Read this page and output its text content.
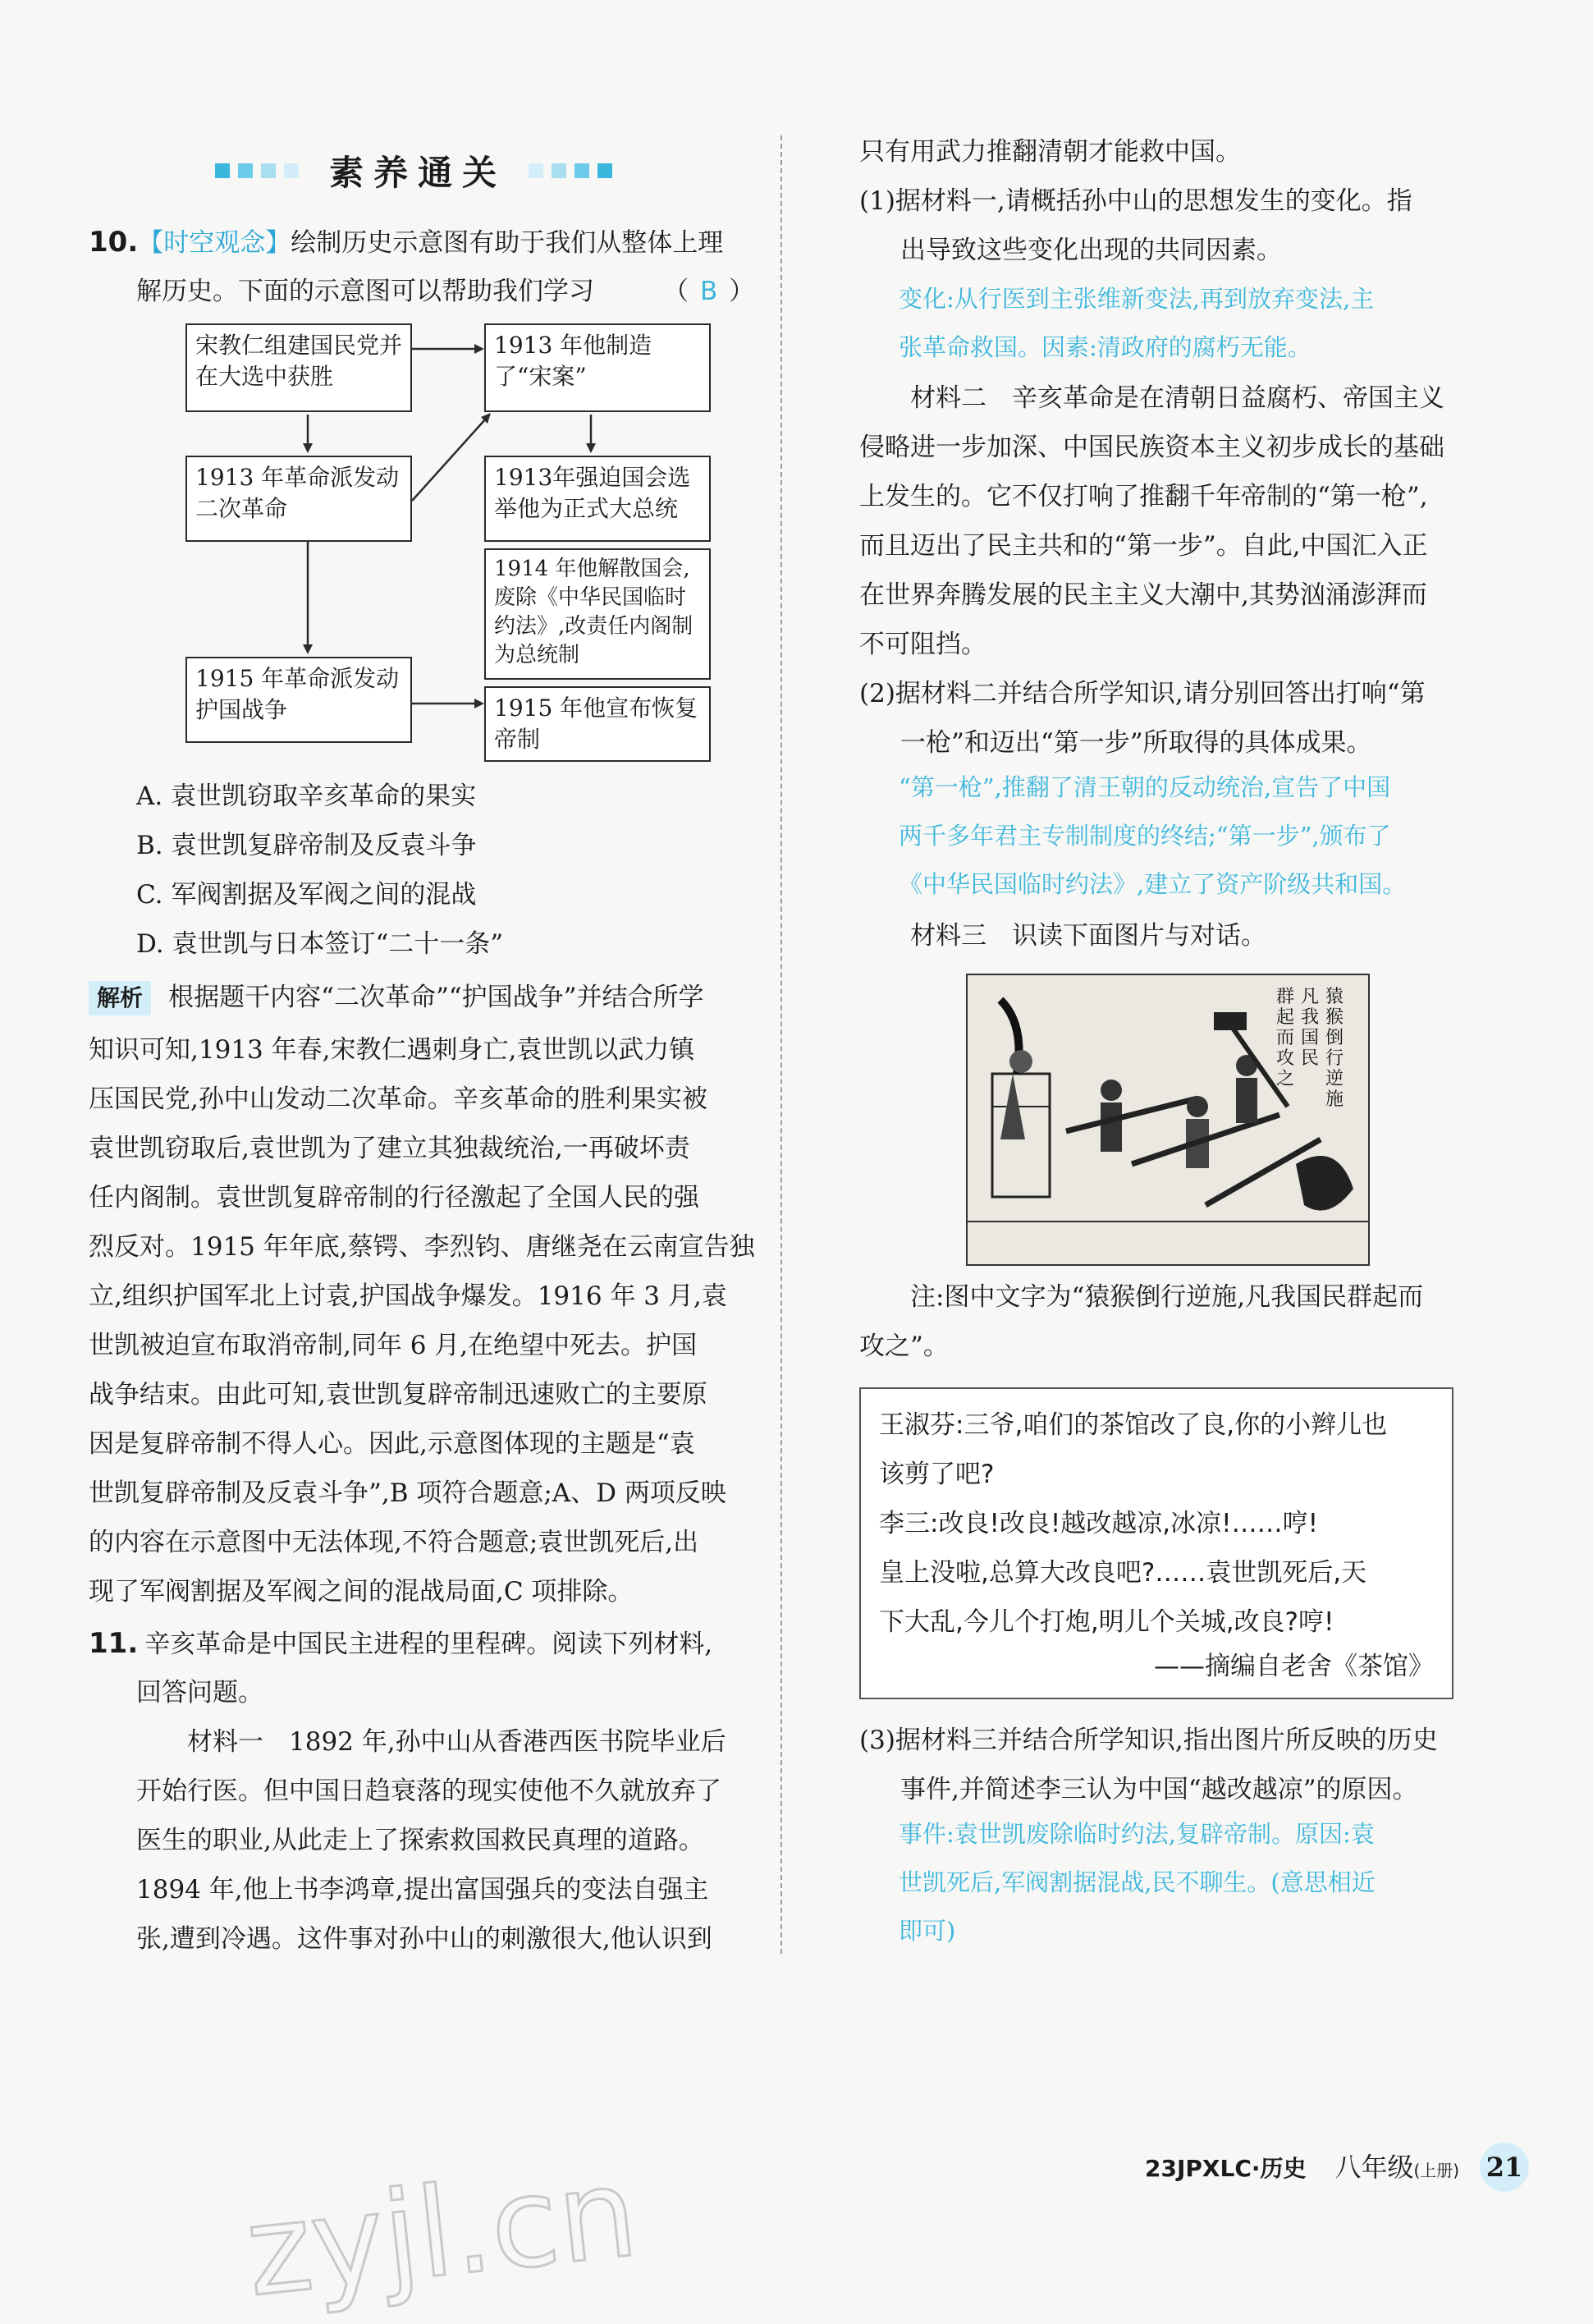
素养通关
10.【时空观念】绘制历史示意图有助于我们从整体上理
解历史。下面的示意图可以帮助我们学习	（ B ）
宋教仁组建国民党并在大选中获胜
1913 年他制造了“宋案”
1913 年革命派发动二次革命
1913年强迫国会选举他为正式大总统
1914 年他解散国会,废除《中华民国临时约法》,改责任内阁制为总统制
1915 年革命派发动护国战争	1915 年他宣布恢复帝制
A. 袁世凯窃取辛亥革命的果实
B. 袁世凯复辟帝制及反袁斗争
C. 军阀割据及军阀之间的混战
D. 袁世凯与日本签订“二十一条”
解析 根据题干内容“二次革命”“护国战争”并结合所学

知识可知,1913 年春,宋教仁遇刺身亡,袁世凯以武力镇

压国民党,孙中山发动二次革命。辛亥革命的胜利果实被

袁世凯窃取后,袁世凯为了建立其独裁统治,一再破坏责

任内阁制。袁世凯复辟帝制的行径激起了全国人民的强

烈反对。1915 年年底,蔡锷、李烈钧、唐继尧在云南宣告独

立,组织护国军北上讨袁,护国战争爆发。1916 年 3 月,袁

世凯被迫宣布取消帝制,同年 6 月,在绝望中死去。护国

战争结束。由此可知,袁世凯复辟帝制迅速败亡的主要原

因是复辟帝制不得人心。因此,示意图体现的主题是“袁

世凯复辟帝制及反袁斗争”,B 项符合题意;A、D 两项反映

的内容在示意图中无法体现,不符合题意;袁世凯死后,出

现了军阀割据及军阀之间的混战局面,C 项排除。

11. 辛亥革命是中国民主进程的里程碑。阅读下列材料,
回答问题。

材料一　1892 年,孙中山从香港西医书院毕业后

开始行医。但中国日趋衰落的现实使他不久就放弃了

医生的职业,从此走上了探索救国救民真理的道路。

1894 年,他上书李鸿章,提出富国强兵的变法自强主

张,遭到冷遇。这件事对孙中山的刺激很大,他认识到

只有用武力推翻清朝才能救中国。

(1)据材料一,请概括孙中山的思想发生的变化。指

出导致这些变化出现的共同因素。

变化:从行医到主张维新变法,再到放弃变法,主

张革命救国。因素:清政府的腐朽无能。

材料二　辛亥革命是在清朝日益腐朽、帝国主义

侵略进一步加深、中国民族资本主义初步成长的基础

上发生的。它不仅打响了推翻千年帝制的“第一枪”,

而且迈出了民主共和的“第一步”。自此,中国汇入正

在世界奔腾发展的民主主义大潮中,其势汹涌澎湃而

不可阻挡。

(2)据材料二并结合所学知识,请分别回答出打响“第

一枪”和迈出“第一步”所取得的具体成果。

“第一枪”,推翻了清王朝的反动统治,宣告了中国

两千多年君主专制制度的终结;“第一步”,颁布了

《中华民国临时约法》,建立了资产阶级共和国。

材料三　识读下面图片与对话。
猿猴倒行逆施
凡我国民
群起而攻之

注:图中文字为“猿猴倒行逆施,凡我国民群起而

攻之”。

王淑芬:三爷,咱们的茶馆改了良,你的小辫儿也

该剪了吧?

李三:改良!改良!越改越凉,冰凉!……哼!

皇上没啦,总算大改良吧?……袁世凯死后,天

下大乱,今儿个打炮,明儿个关城,改良?哼!

——摘编自老舍《茶馆》

(3)据材料三并结合所学知识,指出图片所反映的历史

事件,并简述李三认为中国“越改越凉”的原因。

事件:袁世凯废除临时约法,复辟帝制。原因:袁

世凯死后,军阀割据混战,民不聊生。(意思相近

即可)

zyjl.cn	23JPXLC·历史 八年级(上册) 21
